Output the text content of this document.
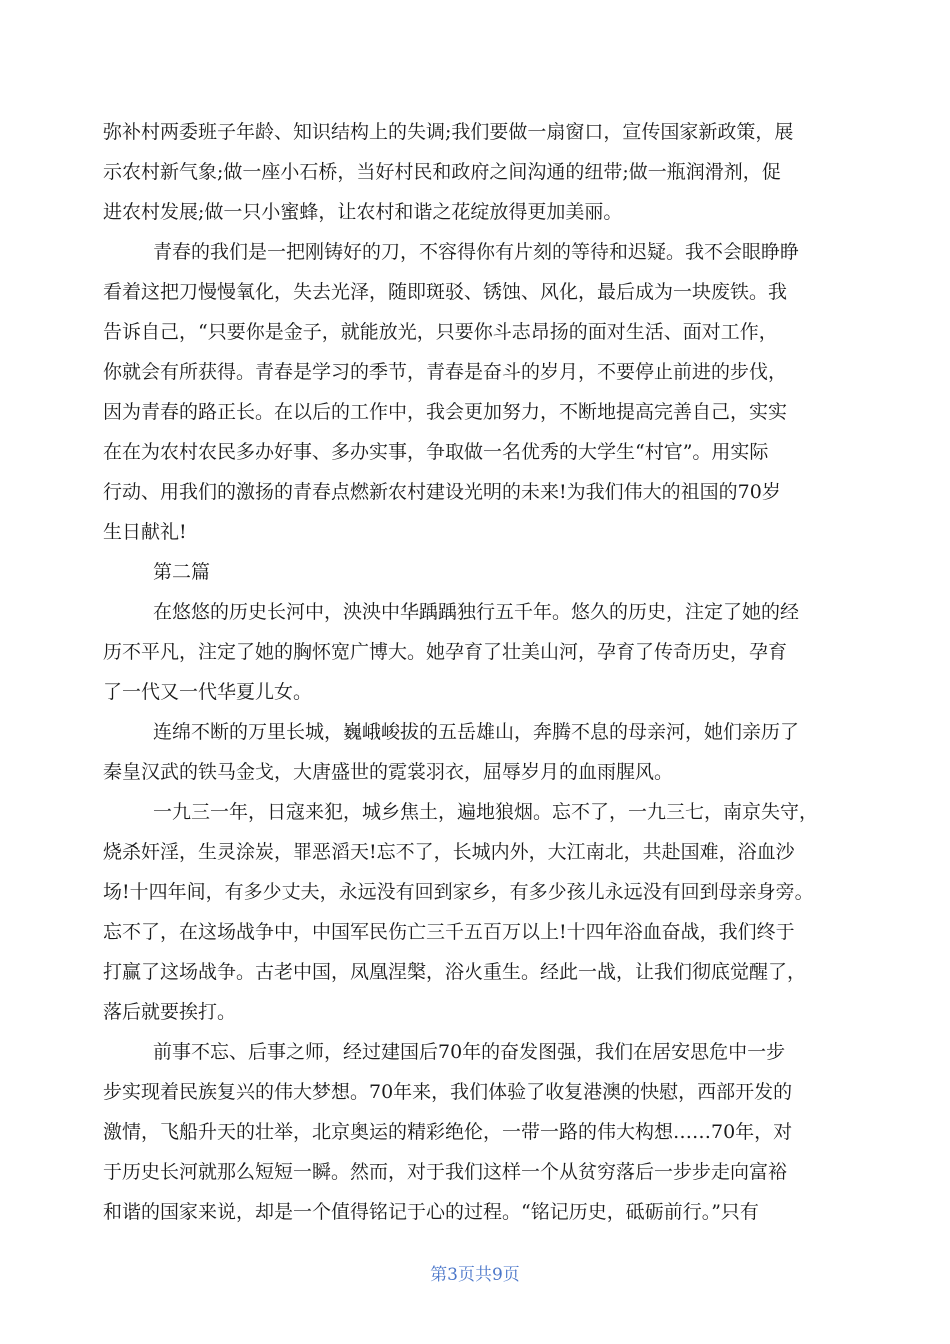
弥补村两委班子年龄、知识结构上的失调;我们要做一扇窗口，宣传国家新政策，展
示农村新气象;做一座小石桥，当好村民和政府之间沟通的纽带;做一瓶润滑剂，促
进农村发展;做一只小蜜蜂，让农村和谐之花绽放得更加美丽。
青春的我们是一把刚铸好的刀，不容得你有片刻的等待和迟疑。我不会眼睁睁
看着这把刀慢慢氧化，失去光泽，随即斑驳、锈蚀、风化，最后成为一块废铁。我
告诉自己，“只要你是金子，就能放光，只要你斗志昂扬的面对生活、面对工作，
你就会有所获得。青春是学习的季节，青春是奋斗的岁月，不要停止前进的步伐，
因为青春的路正长。在以后的工作中，我会更加努力，不断地提高完善自己，实实
在在为农村农民多办好事、多办实事，争取做一名优秀的大学生“村官”。用实际
行动、用我们的激扬的青春点燃新农村建设光明的未来!为我们伟大的祖国的70岁
生日献礼!
第二篇
在悠悠的历史长河中，泱泱中华踽踽独行五千年。悠久的历史，注定了她的经
历不平凡，注定了她的胸怀宽广博大。她孕育了壮美山河，孕育了传奇历史，孕育
了一代又一代华夏儿女。
连绵不断的万里长城，巍峨峻拔的五岳雄山，奔腾不息的母亲河，她们亲历了
秦皇汉武的铁马金戈，大唐盛世的霓裳羽衣，屈辱岁月的血雨腥风。
一九三一年，日寇来犯，城乡焦土，遍地狼烟。忘不了，一九三七，南京失守，
烧杀奸淫，生灵涂炭，罪恶滔天!忘不了，长城内外，大江南北，共赴国难，浴血沙
场!十四年间，有多少丈夫，永远没有回到家乡，有多少孩儿永远没有回到母亲身旁。
忘不了，在这场战争中，中国军民伤亡三千五百万以上!十四年浴血奋战，我们终于
打赢了这场战争。古老中国，凤凰涅槃，浴火重生。经此一战，让我们彻底觉醒了，
落后就要挨打。
前事不忘、后事之师，经过建国后70年的奋发图强，我们在居安思危中一步
步实现着民族复兴的伟大梦想。70年来，我们体验了收复港澳的快慰，西部开发的
激情，飞船升天的壮举，北京奥运的精彩绝伦，一带一路的伟大构想……70年，对
于历史长河就那么短短一瞬。然而，对于我们这样一个从贫穷落后一步步走向富裕
和谐的国家来说，却是一个值得铭记于心的过程。“铭记历史，砥砺前行。”只有
第3页共9页
